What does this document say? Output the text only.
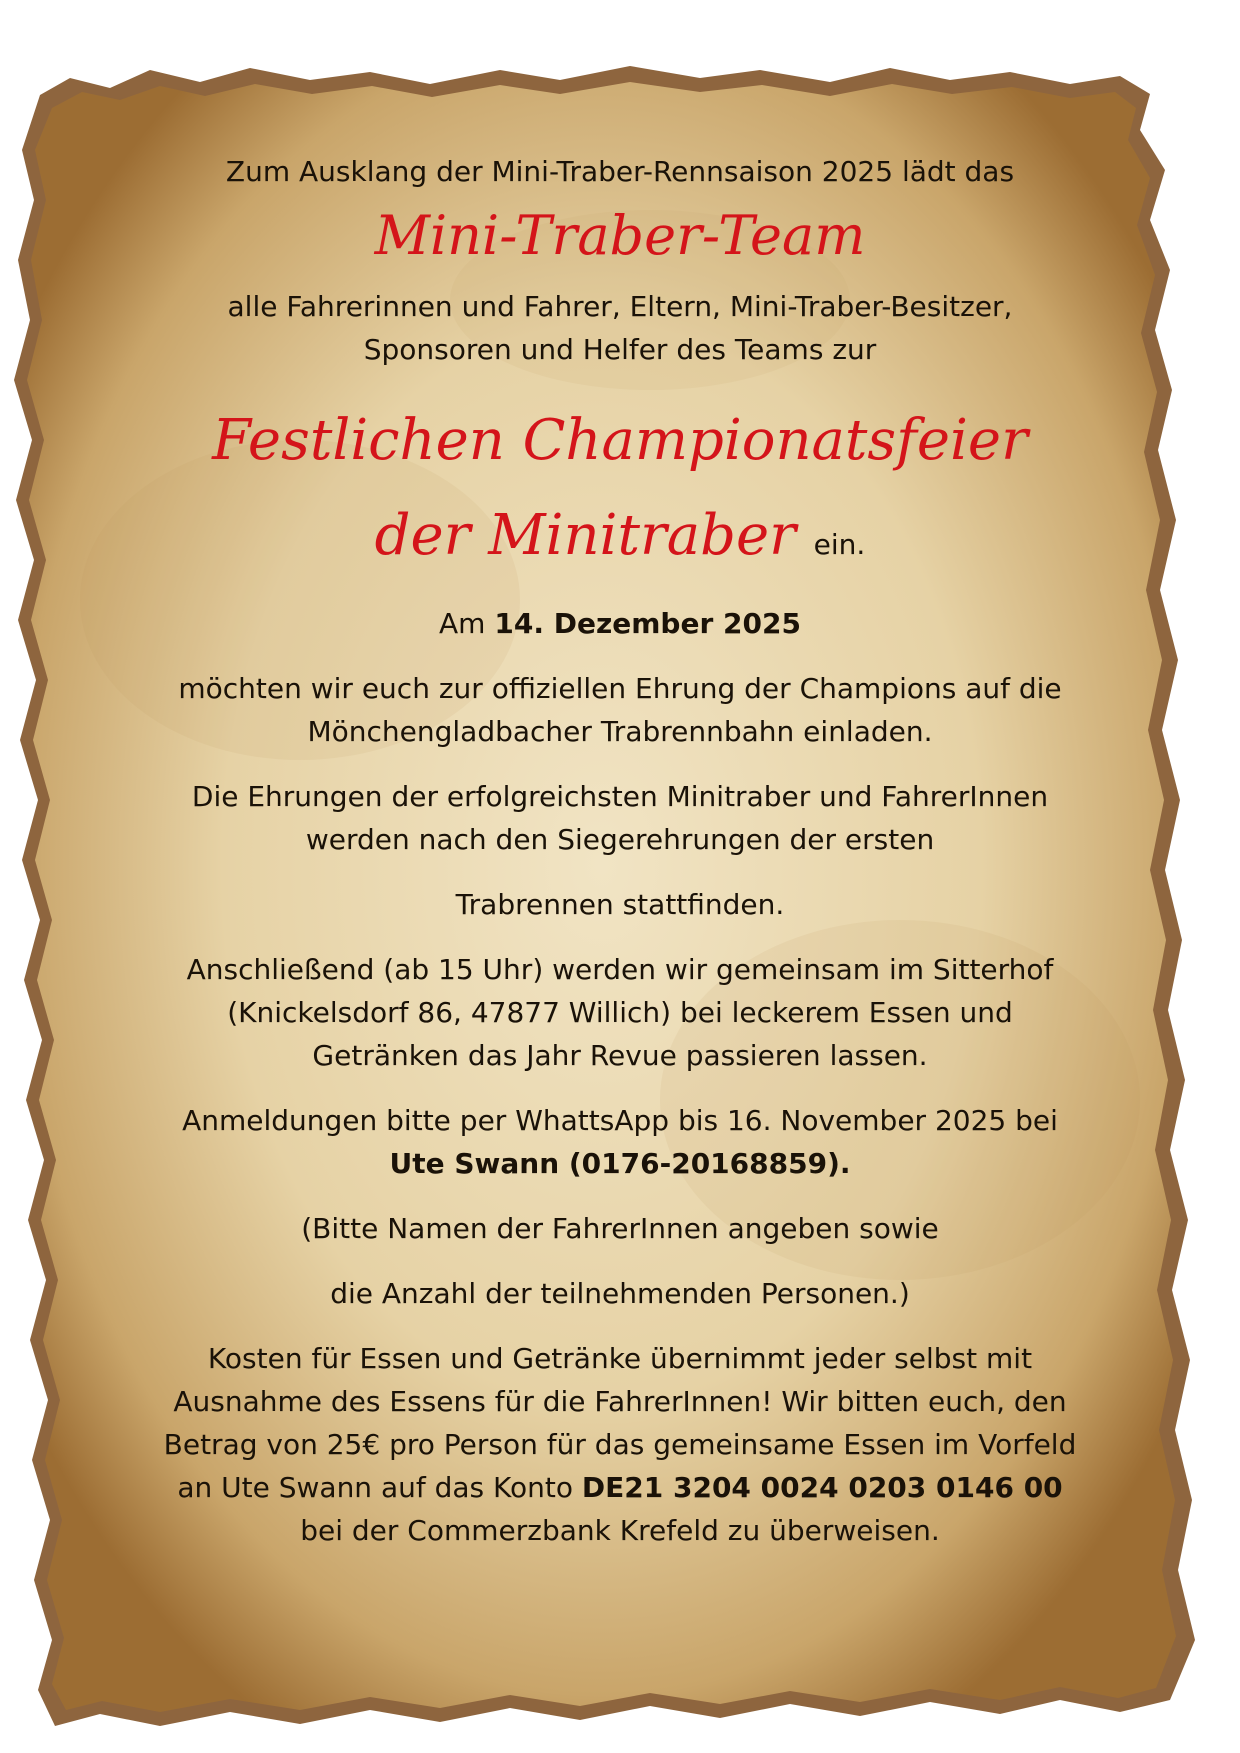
Zum Ausklang der Mini-Traber-Rennsaison 2025 lädt das

Mini-Traber-Team

alle Fahrerinnen und Fahrer, Eltern, Mini-Traber-Besitzer,

Sponsoren und Helfer des Teams zur

Festlichen Championatsfeier

der Minitraber ein.

Am 14. Dezember 2025

möchten wir euch zur offiziellen Ehrung der Champions auf die

Mönchengladbacher Trabrennbahn einladen.

Die Ehrungen der erfolgreichsten Minitraber und FahrerInnen

werden nach den Siegerehrungen der ersten

Trabrennen stattfinden.

Anschließend (ab 15 Uhr) werden wir gemeinsam im Sitterhof

(Knickelsdorf 86, 47877 Willich) bei leckerem Essen und

Getränken das Jahr Revue passieren lassen.

Anmeldungen bitte per WhattsApp bis 16. November 2025 bei

Ute Swann (0176-20168859).

(Bitte Namen der FahrerInnen angeben sowie

die Anzahl der teilnehmenden Personen.)

Kosten für Essen und Getränke übernimmt jeder selbst mit

Ausnahme des Essens für die FahrerInnen! Wir bitten euch, den

Betrag von 25€ pro Person für das gemeinsame Essen im Vorfeld

an Ute Swann auf das Konto DE21 3204 0024 0203 0146 00

bei der Commerzbank Krefeld zu überweisen.
